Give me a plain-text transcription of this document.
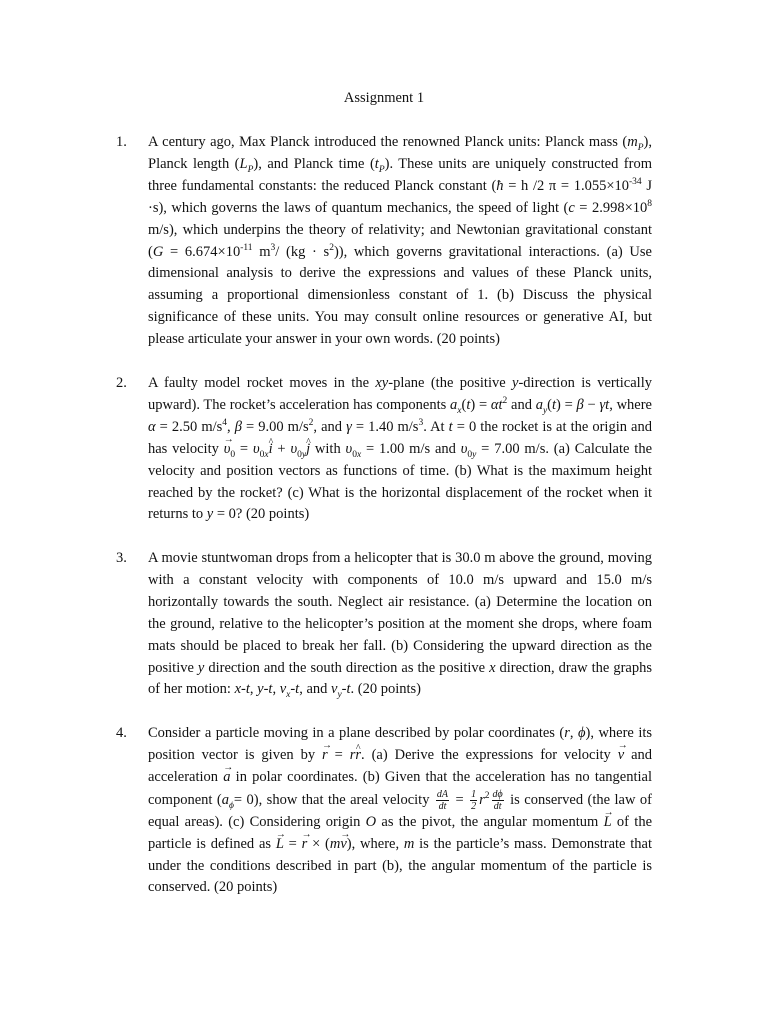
Assignment 1
1.	A century ago, Max Planck introduced the renowned Planck units: Planck mass $(m_P)$, Planck length $(L_P)$, and Planck time $(t_P)$. These units are uniquely constructed from three fundamental constants: the reduced Planck constant (ħ = h /2 $\pi = 1.055\times 10^{-34}$ J ·s), which governs the laws of quantum mechanics, the speed of light ($c = 2.998\times 10^8$ m/s), which underpins the theory of relativity; and Newtonian gravitational constant ($G = 6.674\times 10^{-11}$ $m^3/$ $(kg \cdot s^2)$), which governs gravitational interactions. (a) Use dimensional analysis to derive the expressions and values of these Planck units, assuming a proportional dimensionless constant of 1. (b) Discuss the physical significance of these units. You may consult online resources or generative AI, but please articulate your answer in your own words. (20 points)
2.	A faulty model rocket moves in the xy-plane (the positive y-direction is vertically upward). The rocket’s acceleration has components $a_x(t) = \alpha t^2$ and $a_y(t) = \beta - \gamma t$, where α = 2.50 $m/s^4$, β = 9.00 $m/s^2$, and γ = 1.40 $m/s^3$. At t = 0 the rocket is at the origin and has velocity → $\upsilon_0$ = $\upsilon_{0x}\^{}$ $i + \upsilon_{0y}\^{}$ j with $\upsilon_{0x} = 1.00$ m/s and $\upsilon_{0y} = 7.00$ m/s. (a) Calculate the velocity and position vectors as functions of time. (b) What is the maximum height reached by the rocket? (c) What is the horizontal displacement of the rocket when it returns to y = 0? (20 points)
3.	A movie stuntwoman drops from a helicopter that is 30.0 m above the ground, moving with a constant velocity with components of 10.0 m/s upward and 15.0 m/s horizontally towards the south. Neglect air resistance. (a) Determine the location on the ground, relative to the helicopter’s position at the moment she drops, where foam mats should be placed to break her fall. (b) Considering the upward direction as the positive y direction and the south direction as the positive x direction, draw the graphs of her motion: x-t, y-t, $v_x-t$, and $v_y-t$. (20 points)
4.	Consider a particle moving in a plane described by polar coordinates (r, ϕ), where its position vector is given by → r = r^ r. (a) Derive the expressions for velocity → v and acceleration → a in polar coordinates. (b) Given that the acceleration has no tangential component $(a_\phi= 0)$, show that the areal velocity $\frac{dA}{dt} = \frac{1}{2} r^2 \frac{d\phi}{dt}$ is conserved (the law of equal areas). (c) Considering origin O as the pivot, the angular momentum → L of the particle is defined as → L = → r × (m→ v), where, m is the particle’s mass. Demonstrate that under the conditions described in part (b), the angular momentum of the particle is conserved. (20 points)
